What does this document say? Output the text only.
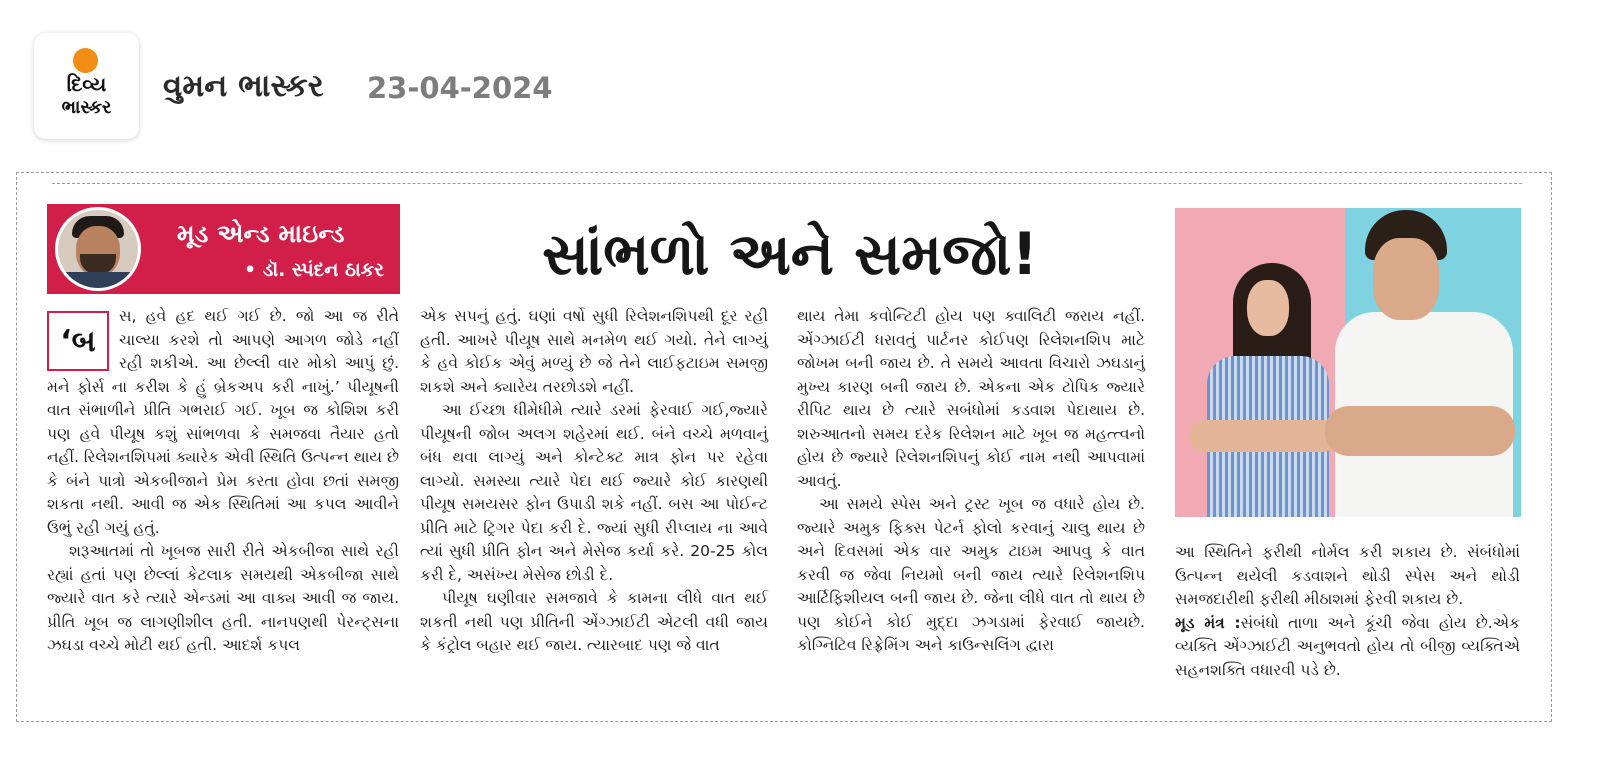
દિવ્ય
ભાસ્કર
વુમન ભાસ્કર 23-04-2024
મૂડ એન્ડ માઇન્ડ
• ડૉ. સ્પંદન ઠાકર	સાંભળો અને સમજો!

‘બ
સ, હવે હદ થઈ ગઈ છે. જો આ જ રીતે ચાલ્યા કરશે તો આપણે આગળ જોડે નહીં રહી શકીએ. આ છેલ્લી વાર મોકો આપું છું. મને ફોર્સ ના કરીશ કે હું બ્રેકઅપ કરી નાખું.’ પીયૂષની વાત સંભાળીને પ્રીતિ ગભરાઈ ગઈ. ખૂબ જ કોશિશ કરી પણ હવે પીયૂષ કશું સાંભળવા કે સમજવા તૈયાર હતો નહીં. રિલેશનશિપમાં ક્યારેક એવી સ્થિતિ ઉત્પન્ન થાય છે કે બંને પાત્રો એકબીજાને પ્રેમ કરતા હોવા છતાં સમજી શકતા નથી. આવી જ એક સ્થિતિમાં આ કપલ આવીને ઉભું રહી ગયું હતું.

શરૂઆતમાં તો ખૂબજ સારી રીતે એકબીજા સાથે રહી રહ્યાં હતાં પણ છેલ્લાં કેટલાક સમયથી એકબીજા સાથે જ્યારે વાત કરે ત્યારે એન્ડમાં આ વાક્ય આવી જ જાય. પ્રીતિ ખૂબ જ લાગણીશીલ હતી. નાનપણથી પેરન્ટ્સના ઝઘડા વચ્ચે મોટી થઈ હતી. આદર્શ કપલ

એક સપનું હતું. ઘણાં વર્ષો સુધી રિલેશનશિપથી દૂર રહી હતી. આખરે પીયૂષ સાથે મનમેળ થઈ ગયો. તેને લાગ્યું કે હવે કોઈક એવું મળ્યું છે જે તેને લાઈફટાઇમ સમજી શકશે અને ક્યારેય તરછોડશે નહીં.

આ ઈચ્છા ધીમેધીમે ત્યારે ડરમાં ફેરવાઈ ગઈ,જ્યારે પીયૂષની જોબ અલગ શહેરમાં થઈ. બંને વચ્ચે મળવાનું બંધ થવા લાગ્યું અને કોન્ટેક્ટ માત્ર ફોન પર રહેવા લાગ્યો. સમસ્યા ત્યારે પેદા થઈ જ્યારે કોઈ કારણથી પીયૂષ સમયસર ફોન ઉપાડી શકે નહીં. બસ આ પોઈન્ટ પ્રીતિ માટે ટ્રિગર પેદા કરી દે. જ્યાં સુધી રીપ્લાય ના આવે ત્યાં સુધી પ્રીતિ ફોન અને મેસેજ કર્યા કરે. 20-25 કોલ કરી દે, અસંખ્ય મેસેજ છોડી દે.

પીયૂષ ઘણીવાર સમજાવે કે કામના લીધે વાત થઈ શકતી નથી પણ પ્રીતિની એંગ્ઝાઈટી એટલી વધી જાય કે કંટ્રોલ બહાર થઈ જાય. ત્યારબાદ પણ જે વાત

થાય તેમા કવોન્ટિટી હોય પણ ક્વાલિટી જરાય નહીં. એંગ્ઝાઈટી ધરાવતું પાર્ટનર કોઈપણ રિલેશનશિપ માટે જોખમ બની જાય છે. તે સમયે આવતા વિચારો ઝઘડાનું મુખ્ય કારણ બની જાય છે. એકના એક ટોપિક જ્યારે રીપિટ થાય છે ત્યારે સબંધોમાં કડવાશ પેદાથાય છે. શરુઆતનો સમય દરેક રિલેશન માટે ખૂબ જ મહત્ત્વનો હોય છે જ્યારે રિલેશનશિપનું કોઈ નામ નથી આપવામાં આવતું.

આ સમયે સ્પેસ અને ટ્રસ્ટ ખૂબ જ વધારે હોય છે. જ્યારે અમુક ફિક્સ પેટર્ન ફોલો કરવાનું ચાલુ થાય છે અને દિવસમાં એક વાર અમુક ટાઇમ આપવુ કે વાત કરવી જ જેવા નિયમો બની જાય ત્યારે રિલેશનશિપ આર્ટિફિશીયલ બની જાય છે. જેના લીધે વાત તો થાય છે પણ કોઈને કોઈ મુદ્દા ઝગડામાં ફેરવાઈ જાયછે. કોગ્નિટિવ રિફ્રેમિંગ અને કાઉન્સલિંગ દ્વારા

આ સ્થિતિને ફરીથી નોર્મલ કરી શકાય છે. સંબંધોમાં ઉત્પન્ન થયેલી કડવાશને થોડી સ્પેસ અને થોડી સમજદારીથી ફરીથી મીઠાશમાં ફેરવી શકાય છે.

મૂડ મંત્ર :સંબંધો તાળા અને કૂંચી જેવા હોય છે.એક વ્યક્તિ એંગ્ઝાઈટી અનુભવતો હોય તો બીજી વ્યક્તિએ સહનશક્તિ વધારવી પડે છે.
